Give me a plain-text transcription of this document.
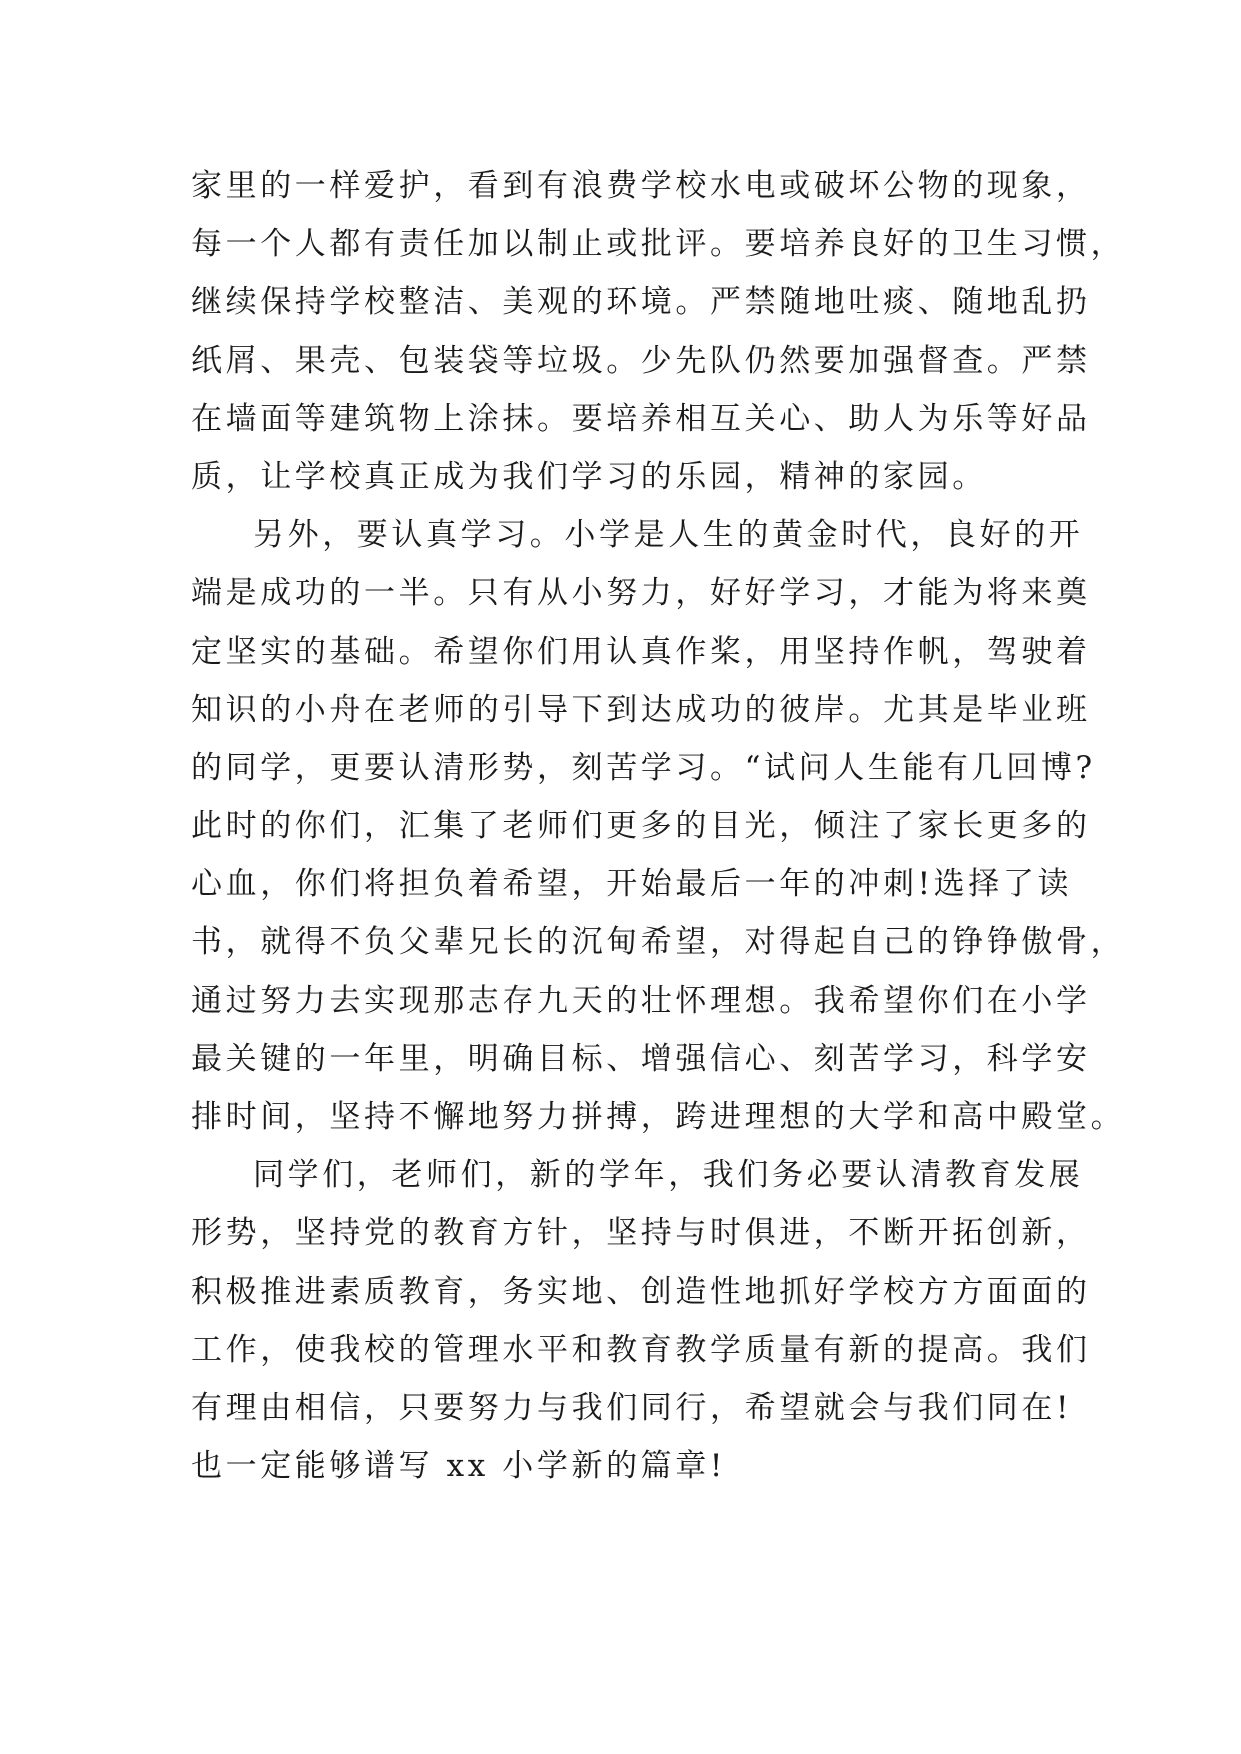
家里的一样爱护，看到有浪费学校水电或破坏公物的现象，
每一个人都有责任加以制止或批评。要培养良好的卫生习惯，
继续保持学校整洁、美观的环境。严禁随地吐痰、随地乱扔
纸屑、果壳、包装袋等垃圾。少先队仍然要加强督查。严禁
在墙面等建筑物上涂抹。要培养相互关心、助人为乐等好品
质，让学校真正成为我们学习的乐园，精神的家园。
另外，要认真学习。小学是人生的黄金时代，良好的开
端是成功的一半。只有从小努力，好好学习，才能为将来奠
定坚实的基础。希望你们用认真作桨，用坚持作帆，驾驶着
知识的小舟在老师的引导下到达成功的彼岸。尤其是毕业班
的同学，更要认清形势，刻苦学习。“试问人生能有几回博?
此时的你们，汇集了老师们更多的目光，倾注了家长更多的
心血，你们将担负着希望，开始最后一年的冲刺!选择了读
书，就得不负父辈兄长的沉甸希望，对得起自己的铮铮傲骨，
通过努力去实现那志存九天的壮怀理想。我希望你们在小学
最关键的一年里，明确目标、增强信心、刻苦学习，科学安
排时间，坚持不懈地努力拼搏，跨进理想的大学和高中殿堂。
同学们，老师们，新的学年，我们务必要认清教育发展
形势，坚持党的教育方针，坚持与时俱进，不断开拓创新，
积极推进素质教育，务实地、创造性地抓好学校方方面面的
工作，使我校的管理水平和教育教学质量有新的提高。我们
有理由相信，只要努力与我们同行，希望就会与我们同在!
也一定能够谱写 xx 小学新的篇章!
